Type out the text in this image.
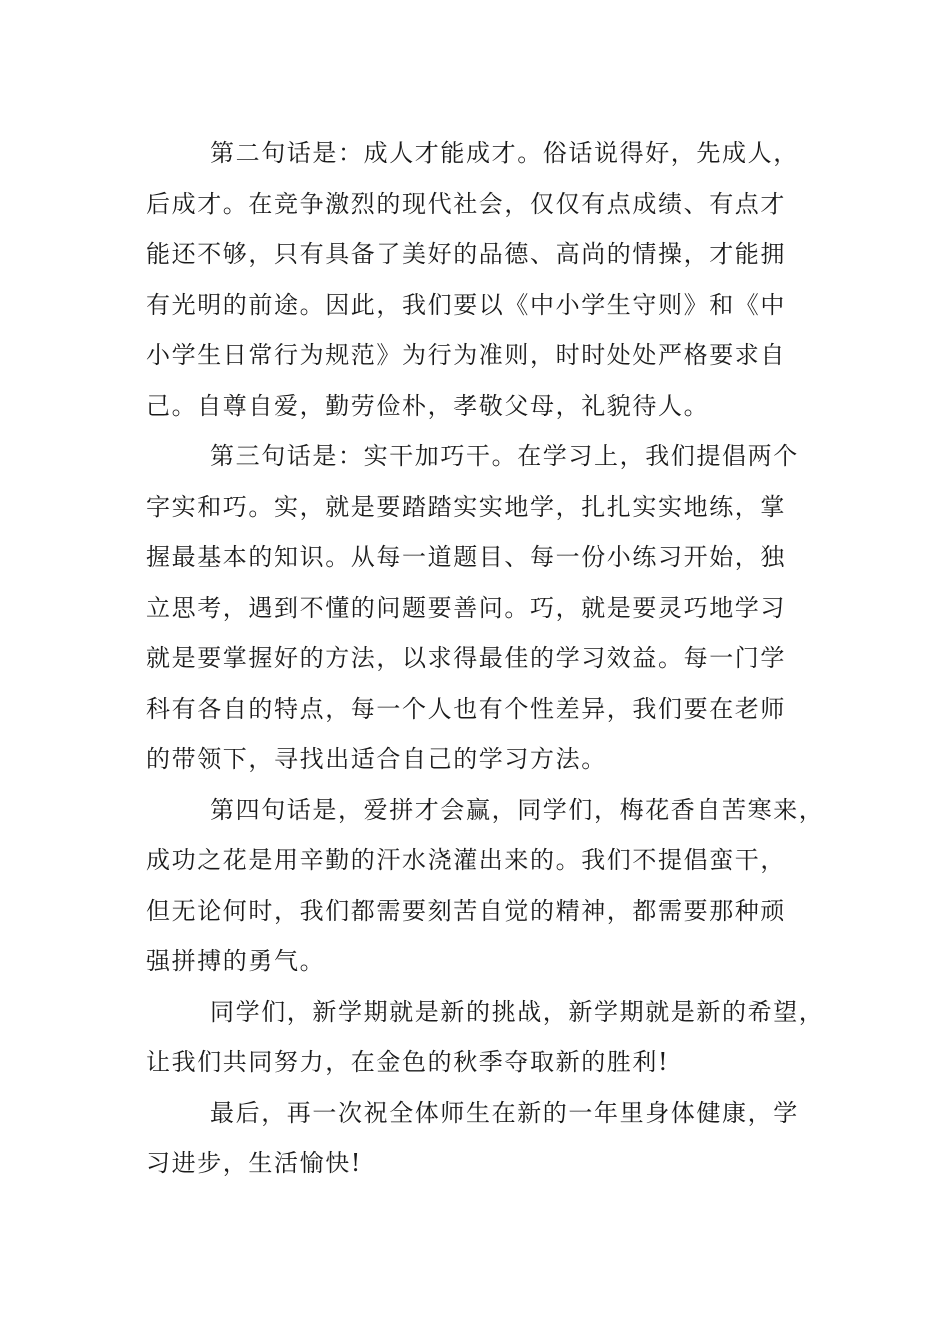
第二句话是：成人才能成才。俗话说得好，先成人，
后成才。在竞争激烈的现代社会，仅仅有点成绩、有点才
能还不够，只有具备了美好的品德、高尚的情操，才能拥
有光明的前途。因此，我们要以《中小学生守则》和《中
小学生日常行为规范》为行为准则，时时处处严格要求自
己。自尊自爱，勤劳俭朴，孝敬父母，礼貌待人。

第三句话是：实干加巧干。在学习上，我们提倡两个
字实和巧。实，就是要踏踏实实地学，扎扎实实地练，掌
握最基本的知识。从每一道题目、每一份小练习开始，独
立思考，遇到不懂的问题要善问。巧，就是要灵巧地学习
就是要掌握好的方法，以求得最佳的学习效益。每一门学
科有各自的特点，每一个人也有个性差异，我们要在老师
的带领下，寻找出适合自己的学习方法。

第四句话是，爱拼才会赢，同学们，梅花香自苦寒来，
成功之花是用辛勤的汗水浇灌出来的。我们不提倡蛮干，
但无论何时，我们都需要刻苦自觉的精神，都需要那种顽
强拼搏的勇气。

同学们，新学期就是新的挑战，新学期就是新的希望，
让我们共同努力，在金色的秋季夺取新的胜利!

最后，再一次祝全体师生在新的一年里身体健康，学
习进步，生活愉快!
